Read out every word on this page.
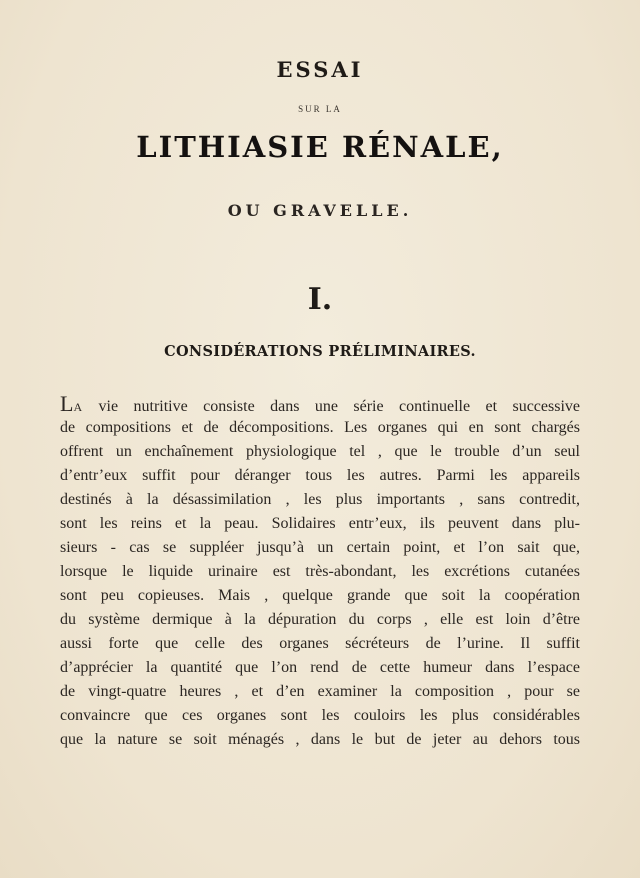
ESSAI
SUR LA
LITHIASIE RÉNALE,
OU GRAVELLE.
I.
CONSIDÉRATIONS PRÉLIMINAIRES.
LA vie nutritive consiste dans une série continuelle et successive
de compositions et de décompositions. Les organes qui en sont chargés
offrent un enchaînement physiologique tel , que le trouble d’un seul
d’entr’eux suffit pour déranger tous les autres. Parmi les appareils
destinés à la désassimilation , les plus importants , sans contredit,
sont les reins et la peau. Solidaires entr’eux, ils peuvent dans plu-
sieurs - cas se suppléer jusqu’à un certain point, et l’on sait que,
lorsque le liquide urinaire est très-abondant, les excrétions cutanées
sont peu copieuses. Mais , quelque grande que soit la coopération
du système dermique à la dépuration du corps , elle est loin d’être
aussi forte que celle des organes sécréteurs de l’urine. Il suffit
d’apprécier la quantité que l’on rend de cette humeur dans l’espace
de vingt-quatre heures , et d’en examiner la composition , pour se
convaincre que ces organes sont les couloirs les plus considérables
que la nature se soit ménagés , dans le but de jeter au dehors tous
